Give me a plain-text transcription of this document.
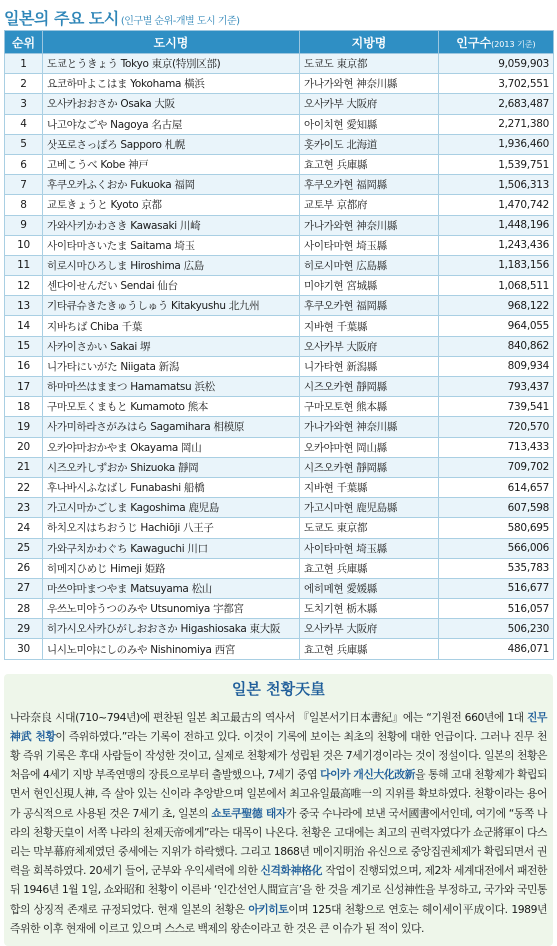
일본의 주요 도시 (인구별 순위-개별 도시 기준)
순위	도시명	지방명	인구수(2013 기준)
1	도쿄とうきょう Tokyo 東京(特別区部)	도쿄도 東京都	9,059,903
2	요코하마よこはま Yokohama 橫浜	가나가와현 神奈川縣	3,702,551
3	오사카おおさか Osaka 大阪	오사카부 大阪府	2,683,487
4	나고야なごや Nagoya 名古屋	아이치현 愛知縣	2,271,380
5	삿포로さっぽろ Sapporo 札幌	홋카이도 北海道	1,936,460
6	고베こうべ Kobe 神戸	효고현 兵庫縣	1,539,751
7	후쿠오카ふくおか Fukuoka 福岡	후쿠오카현 福岡縣	1,506,313
8	교토きょうと Kyoto 京都	교토부 京都府	1,470,742
9	가와사키かわさき Kawasaki 川崎	가나가와현 神奈川縣	1,448,196
10	사이타마さいたま Saitama 埼玉	사이타마현 埼玉縣	1,243,436
11	히로시마ひろしま Hiroshima 広島	히로시마현 広島縣	1,183,156
12	센다이せんだい Sendai 仙台	미야기현 宮城縣	1,068,511
13	기타큐슈きたきゅうしゅう Kitakyushu 北九州	후쿠오카현 福岡縣	968,122
14	지바ちば Chiba 千葉	지바현 千葉縣	964,055
15	사카이さかい Sakai 堺	오사카부 大阪府	840,862
16	니가타にいがた Niigata 新潟	니가타현 新潟縣	809,934
17	하마마쓰はままつ Hamamatsu 浜松	시즈오카현 靜岡縣	793,437
18	구마모토くまもと Kumamoto 熊本	구마모토현 熊本縣	739,541
19	사가미하라さがみはら Sagamihara 相模原	가나가와현 神奈川縣	720,570
20	오카야마おかやま Okayama 岡山	오카야마현 岡山縣	713,433
21	시즈오카しずおか Shizuoka 靜岡	시즈오카현 靜岡縣	709,702
22	후나바시ふなばし Funabashi 船橋	지바현 千葉縣	614,657
23	가고시마かごしま Kagoshima 鹿児島	가고시마현 鹿児島縣	607,598
24	하치오지はちおうじ Hachiōji 八王子	도쿄도 東京都	580,695
25	가와구치かわぐち Kawaguchi 川口	사이타마현 埼玉縣	566,006
26	히메지ひめじ Himeji 姫路	효고현 兵庫縣	535,783
27	마쓰야마まつやま Matsuyama 松山	에히메현 愛媛縣	516,677
28	우쓰노미야うつのみや Utsunomiya 宇都宮	도치기현 栃木縣	516,057
29	히가시오사카ひがしおおさか Higashiosaka 東大阪	오사카부 大阪府	506,230
30	니시노미야にしのみや Nishinomiya 西宮	효고현 兵庫縣	486,071
일본 천황天皇
나라奈良 시대(710~794년)에 편찬된 일본 최고最古의 역사서 『일본서기日本書紀』에는 “기원전 660년에 1대 진무神武 천황이 즉위하였다.”라는 기록이 전하고 있다. 이것이 기록에 보이는 최초의 천황에 대한 언급이다. 그러나 진무 천황 즉위 기록은 후대 사람들이 작성한 것이고, 실제로 천황제가 성립된 것은 7세기경이라는 것이 정설이다. 일본의 천황은 처음에 4세기 지방 부족연맹의 장長으로부터 출발했으나, 7세기 중엽 다이카 개신大化改新을 통해 고대 천황제가 확립되면서 현인신現人神, 즉 살아 있는 신이라 추앙받으며 일본에서 최고유일最高唯一의 지위를 확보하였다. 천황이라는 용어가 공식적으로 사용된 것은 7세기 초, 일본의 쇼토쿠聖德 태자가 중국 수나라에 보낸 국서國書에서인데, 여기에 “동쪽 나라의 천황天皇이 서쪽 나라의 천제天帝에게”라는 대목이 나온다. 천황은 고대에는 최고의 권력자였다가 쇼군將軍이 다스리는 막부幕府체제였던 중세에는 지위가 하락했다. 그리고 1868년 메이지明治 유신으로 중앙집권체제가 확립되면서 권력을 회복하였다. 20세기 들어, 군부와 우익세력에 의한 신격화神格化 작업이 진행되었으며, 제2차 세계대전에서 패전한 뒤 1946년 1월 1일, 쇼와昭和 천황이 이른바 ‘인간선언人間宣言’을 한 것을 계기로 신성神性을 부정하고, 국가와 국민통합의 상징적 존재로 규정되었다. 현재 일본의 천황은 아키히토이며 125대 천황으로 연호는 헤이세이平成이다. 1989년 즉위한 이후 현재에 이르고 있으며 스스로 백제의 왕손이라고 한 것은 큰 이슈가 된 적이 있다.
